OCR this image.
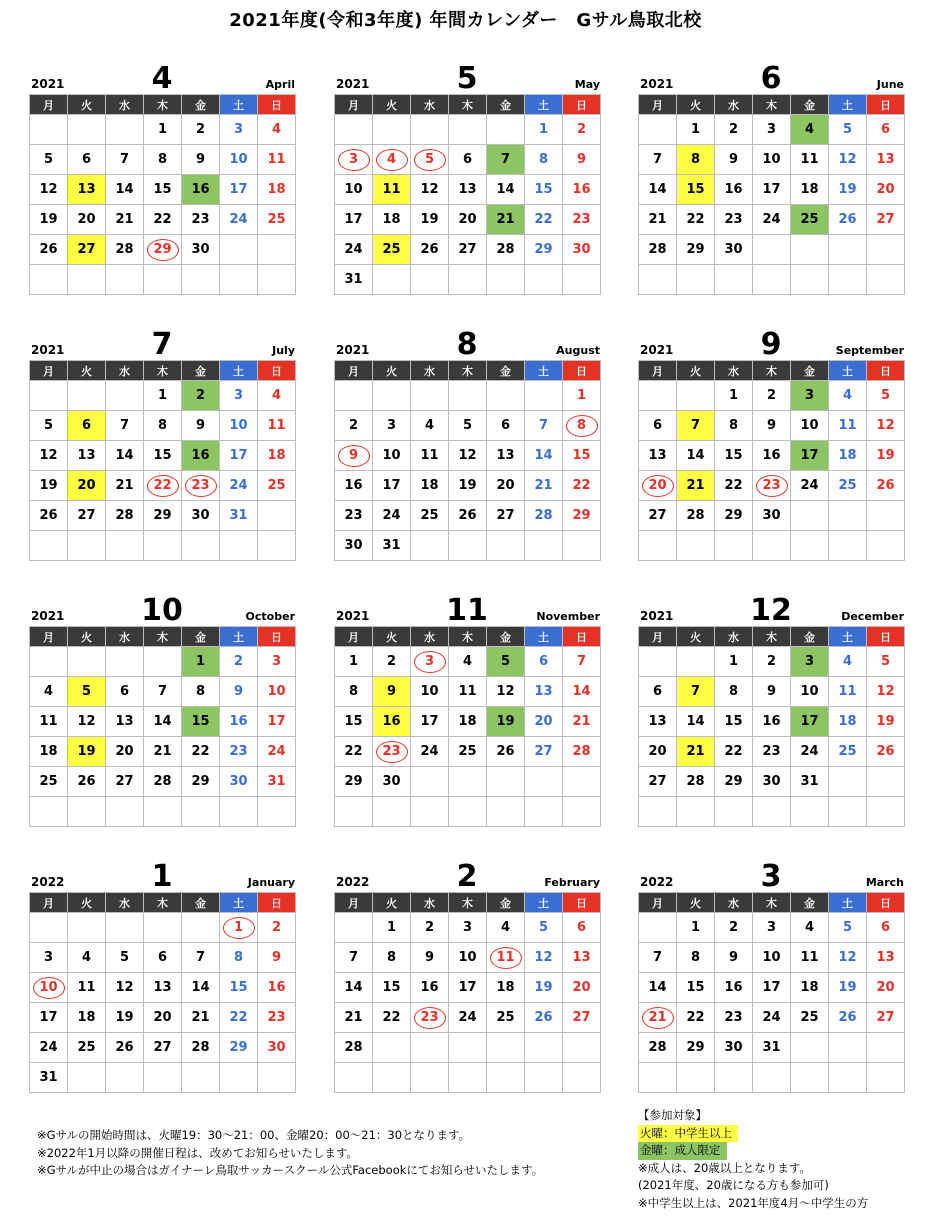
2021年度(令和3年度) 年間カレンダー　Gサル鳥取北校
2021	4	April
月	火	水	木	金	土	日
			1	2	3	4
5	6	7	8	9	10	11
12	13	14	15	16	17	18
19	20	21	22	23	24	25
26	27	28	29	30		

2021	5	May
月	火	水	木	金	土	日
					1	2
3	4	5	6	7	8	9
10	11	12	13	14	15	16
17	18	19	20	21	22	23
24	25	26	27	28	29	30
31						
2021	6	June
月	火	水	木	金	土	日
	1	2	3	4	5	6
7	8	9	10	11	12	13
14	15	16	17	18	19	20
21	22	23	24	25	26	27
28	29	30				

2021	7	July
月	火	水	木	金	土	日
			1	2	3	4
5	6	7	8	9	10	11
12	13	14	15	16	17	18
19	20	21	22	23	24	25
26	27	28	29	30	31	

2021	8	August
月	火	水	木	金	土	日
						1
2	3	4	5	6	7	8
9	10	11	12	13	14	15
16	17	18	19	20	21	22
23	24	25	26	27	28	29
30	31					
2021	9	September
月	火	水	木	金	土	日
		1	2	3	4	5
6	7	8	9	10	11	12
13	14	15	16	17	18	19
20	21	22	23	24	25	26
27	28	29	30			

2021	10	October
月	火	水	木	金	土	日
				1	2	3
4	5	6	7	8	9	10
11	12	13	14	15	16	17
18	19	20	21	22	23	24
25	26	27	28	29	30	31

2021	11	November
月	火	水	木	金	土	日
1	2	3	4	5	6	7
8	9	10	11	12	13	14
15	16	17	18	19	20	21
22	23	24	25	26	27	28
29	30					

2021	12	December
月	火	水	木	金	土	日
		1	2	3	4	5
6	7	8	9	10	11	12
13	14	15	16	17	18	19
20	21	22	23	24	25	26
27	28	29	30	31		

2022	1	January
月	火	水	木	金	土	日
					1	2
3	4	5	6	7	8	9
10	11	12	13	14	15	16
17	18	19	20	21	22	23
24	25	26	27	28	29	30
31						
2022	2	February
月	火	水	木	金	土	日
	1	2	3	4	5	6
7	8	9	10	11	12	13
14	15	16	17	18	19	20
21	22	23	24	25	26	27
28						

2022	3	March
月	火	水	木	金	土	日
	1	2	3	4	5	6
7	8	9	10	11	12	13
14	15	16	17	18	19	20
21	22	23	24	25	26	27
28	29	30	31			

※Gサルの開始時間は、火曜19：30～21：00、金曜20：00～21：30となります。
※2022年1月以降の開催日程は、改めてお知らせいたします。
※Gサルが中止の場合はガイナーレ鳥取サッカースクール公式Facebookにてお知らせいたします。
【参加対象】
火曜：中学生以上
金曜：成人限定
※成人は、20歳以上となります。
(2021年度、20歳になる方も参加可)
※中学生以上は、2021年度4月～中学生の方
